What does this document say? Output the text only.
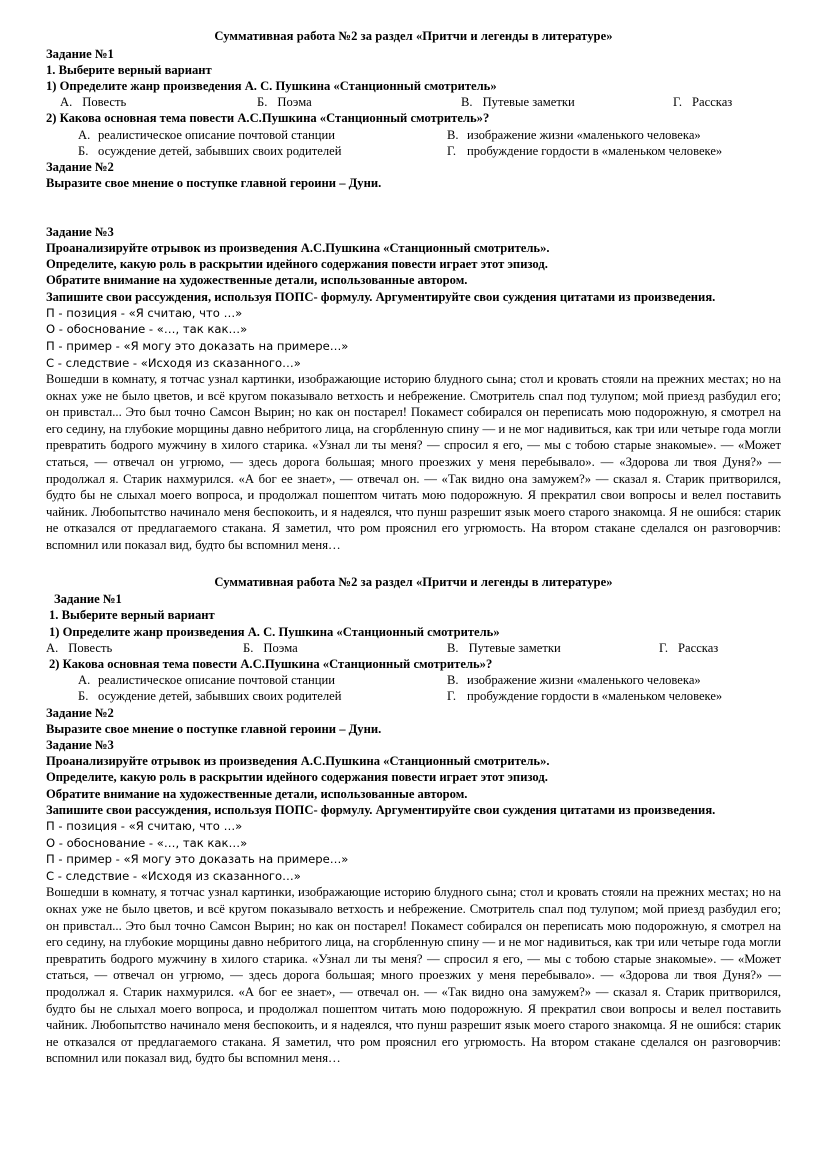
Суммативная работа №2 за раздел «Притчи и легенды в литературе»
Задание №1
1. Выберите верный вариант
1) Определите жанр произведения А. С. Пушкина «Станционный смотритель»
А. Повесть	Б. Поэма	В. Путевые заметки	Г. Рассказ
2) Какова основная тема повести А.С.Пушкина «Станционный смотритель»?
А. реалистическое описание почтовой станции	В. изображение жизни «маленького человека»
Б. осуждение детей, забывших своих родителей	Г. пробуждение гордости в «маленьком человеке»
Задание №2
Выразите свое мнение о поступке главной героини – Дуни.
Задание №3
Проанализируйте отрывок из произведения А.С.Пушкина «Станционный смотритель».
Определите, какую роль в раскрытии идейного содержания повести играет этот эпизод.
Обратите внимание на художественные детали, использованные автором.
Запишите свои рассуждения, используя ПОПС- формулу. Аргументируйте свои суждения цитатами из произведения.
П - позиция - «Я считаю, что …»
О - обоснование - «…, так как…»
П - пример - «Я могу это доказать на примере…»
С - следствие - «Исходя из сказанного…»
Вошедши в комнату, я тотчас узнал картинки, изображающие историю блудного сына; стол и кровать стояли на прежних местах; но на окнах уже не было цветов, и всё кругом показывало ветхость и небрежение. Смотритель спал под тулупом; мой приезд разбудил его; он привстал... Это был точно Самсон Вырин; но как он постарел! Покамест собирался он переписать мою подорожную, я смотрел на его седину, на глубокие морщины давно небритого лица, на сгорбленную спину — и не мог надивиться, как три или четыре года могли превратить бодрого мужчину в хилого старика. «Узнал ли ты меня? — спросил я его, — мы с тобою старые знакомые». — «Может статься, — отвечал он угрюмо, — здесь дорога большая; много проезжих у меня перебывало». — «Здорова ли твоя Дуня?» — продолжал я. Старик нахмурился. «А бог ее знает», — отвечал он. — «Так видно она замужем?» — сказал я. Старик притворился, будто бы не слыхал моего вопроса, и продолжал пошептом читать мою подорожную. Я прекратил свои вопросы и велел поставить чайник. Любопытство начинало меня беспокоить, и я надеялся, что пунш разрешит язык моего старого знакомца. Я не ошибся: старик не отказался от предлагаемого стакана. Я заметил, что ром прояснил его угрюмость. На втором стакане сделался он разговорчив: вспомнил или показал вид, будто бы вспомнил меня…
Суммативная работа №2 за раздел «Притчи и легенды в литературе»
Задание №1
1. Выберите верный вариант
1) Определите жанр произведения А. С. Пушкина «Станционный смотритель»
А. Повесть	Б. Поэма	В. Путевые заметки	Г. Рассказ
2) Какова основная тема повести А.С.Пушкина «Станционный смотритель»?
А. реалистическое описание почтовой станции	В. изображение жизни «маленького человека»
Б. осуждение детей, забывших своих родителей	Г. пробуждение гордости в «маленьком человеке»
Задание №2
Выразите свое мнение о поступке главной героини – Дуни.
Задание №3
Проанализируйте отрывок из произведения А.С.Пушкина «Станционный смотритель».
Определите, какую роль в раскрытии идейного содержания повести играет этот эпизод.
Обратите внимание на художественные детали, использованные автором.
Запишите свои рассуждения, используя ПОПС- формулу. Аргументируйте свои суждения цитатами из произведения.
П - позиция - «Я считаю, что …»
О - обоснование - «…, так как…»
П - пример - «Я могу это доказать на примере…»
С - следствие - «Исходя из сказанного…»
Вошедши в комнату, я тотчас узнал картинки, изображающие историю блудного сына; стол и кровать стояли на прежних местах; но на окнах уже не было цветов, и всё кругом показывало ветхость и небрежение. Смотритель спал под тулупом; мой приезд разбудил его; он привстал... Это был точно Самсон Вырин; но как он постарел! Покамест собирался он переписать мою подорожную, я смотрел на его седину, на глубокие морщины давно небритого лица, на сгорбленную спину — и не мог надивиться, как три или четыре года могли превратить бодрого мужчину в хилого старика. «Узнал ли ты меня? — спросил я его, — мы с тобою старые знакомые». — «Может статься, — отвечал он угрюмо, — здесь дорога большая; много проезжих у меня перебывало». — «Здорова ли твоя Дуня?» — продолжал я. Старик нахмурился. «А бог ее знает», — отвечал он. — «Так видно она замужем?» — сказал я. Старик притворился, будто бы не слыхал моего вопроса, и продолжал пошептом читать мою подорожную. Я прекратил свои вопросы и велел поставить чайник. Любопытство начинало меня беспокоить, и я надеялся, что пунш разрешит язык моего старого знакомца. Я не ошибся: старик не отказался от предлагаемого стакана. Я заметил, что ром прояснил его угрюмость. На втором стакане сделался он разговорчив: вспомнил или показал вид, будто бы вспомнил меня…
